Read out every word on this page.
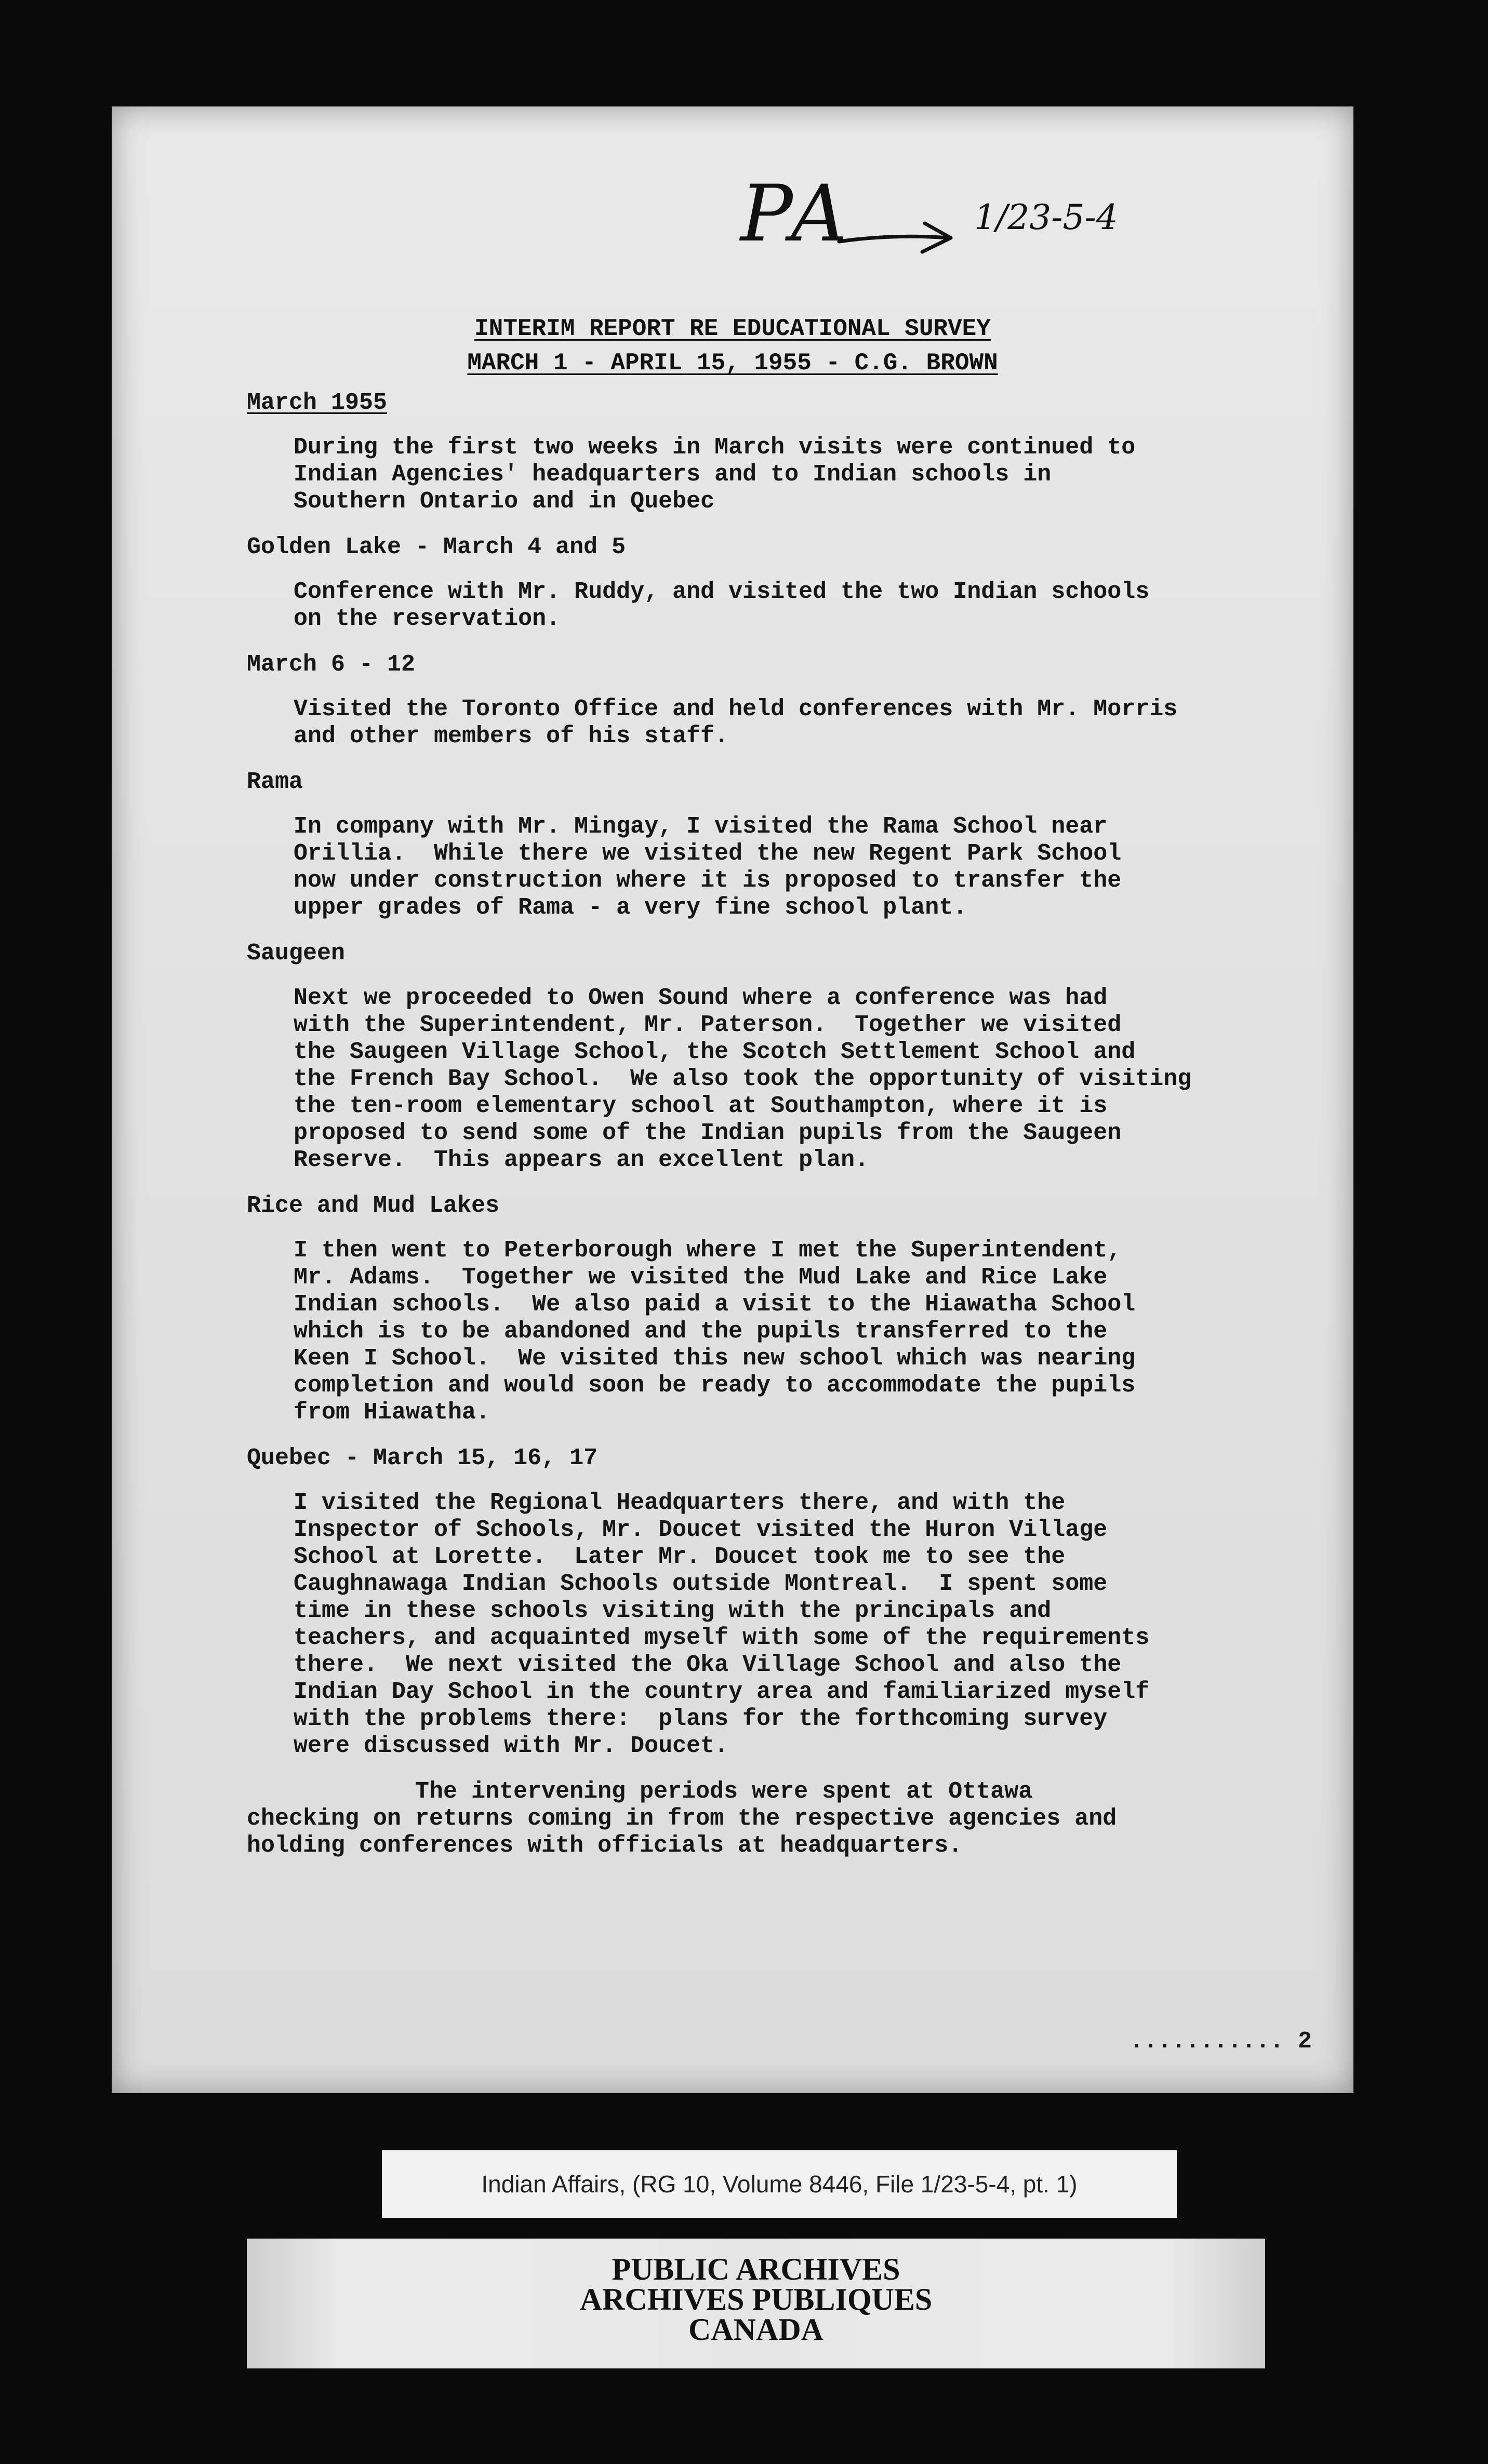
PA	1/23-5-4
INTERIM REPORT RE EDUCATIONAL SURVEY
MARCH 1 - APRIL 15, 1955 - C.G. BROWN
March 1955
During the first two weeks in March visits were continued to
Indian Agencies' headquarters and to Indian schools in
Southern Ontario and in Quebec
Golden Lake - March 4 and 5
Conference with Mr. Ruddy, and visited the two Indian schools
on the reservation.
March 6 - 12
Visited the Toronto Office and held conferences with Mr. Morris
and other members of his staff.
Rama
In company with Mr. Mingay, I visited the Rama School near
Orillia.  While there we visited the new Regent Park School
now under construction where it is proposed to transfer the
upper grades of Rama - a very fine school plant.
Saugeen
Next we proceeded to Owen Sound where a conference was had
with the Superintendent, Mr. Paterson.  Together we visited
the Saugeen Village School, the Scotch Settlement School and
the French Bay School.  We also took the opportunity of visiting
the ten-room elementary school at Southampton, where it is
proposed to send some of the Indian pupils from the Saugeen
Reserve.  This appears an excellent plan.
Rice and Mud Lakes
I then went to Peterborough where I met the Superintendent,
Mr. Adams.  Together we visited the Mud Lake and Rice Lake
Indian schools.  We also paid a visit to the Hiawatha School
which is to be abandoned and the pupils transferred to the
Keen I School.  We visited this new school which was nearing
completion and would soon be ready to accommodate the pupils
from Hiawatha.
Quebec - March 15, 16, 17
I visited the Regional Headquarters there, and with the
Inspector of Schools, Mr. Doucet visited the Huron Village
School at Lorette.  Later Mr. Doucet took me to see the
Caughnawaga Indian Schools outside Montreal.  I spent some
time in these schools visiting with the principals and
teachers, and acquainted myself with some of the requirements
there.  We next visited the Oka Village School and also the
Indian Day School in the country area and familiarized myself
with the problems there:  plans for the forthcoming survey
were discussed with Mr. Doucet.
The intervening periods were spent at Ottawa
checking on returns coming in from the respective agencies and
holding conferences with officials at headquarters.
........... 2
Indian Affairs, (RG 10, Volume 8446, File 1/23-5-4, pt. 1)
PUBLIC ARCHIVES
ARCHIVES PUBLIQUES
CANADA
